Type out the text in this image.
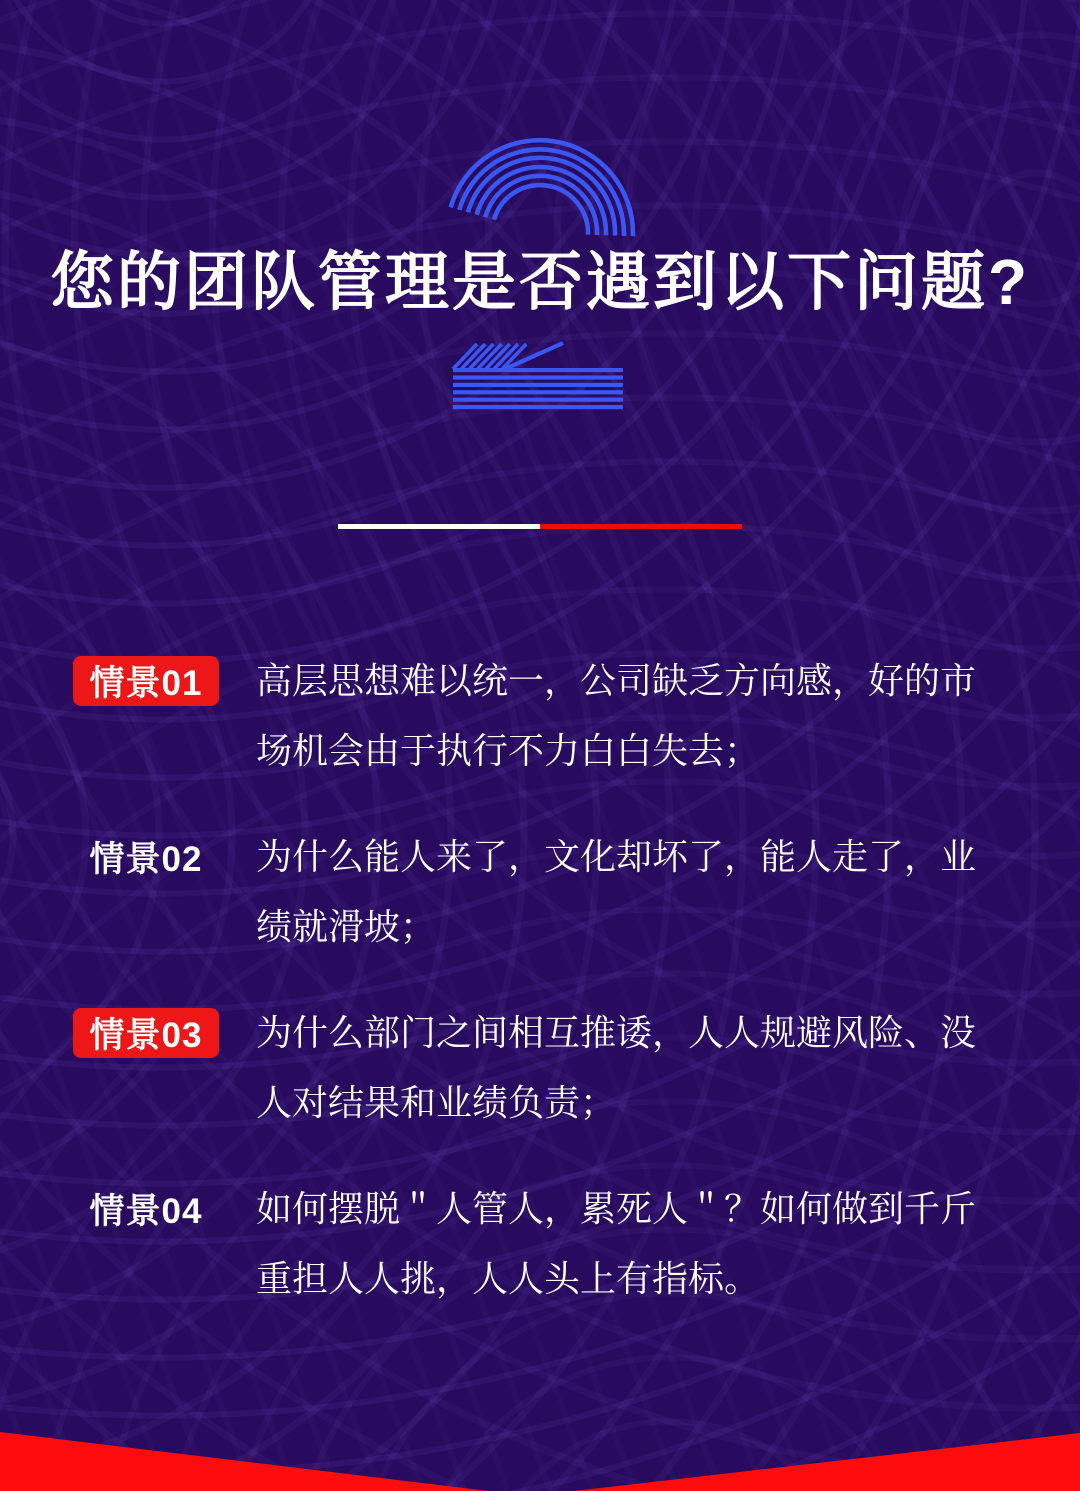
您的团队管理是否遇到以下问题?
情景01	高层思想难以统一，公司缺乏方向感，好的市场机会由于执行不力白白失去；

情景02	为什么能人来了，文化却坏了，能人走了，业绩就滑坡；

情景03	为什么部门之间相互推诿，人人规避风险、没人对结果和业绩负责；

情景04	如何摆脱＂人管人，累死人＂？如何做到千斤重担人人挑，人人头上有指标。
